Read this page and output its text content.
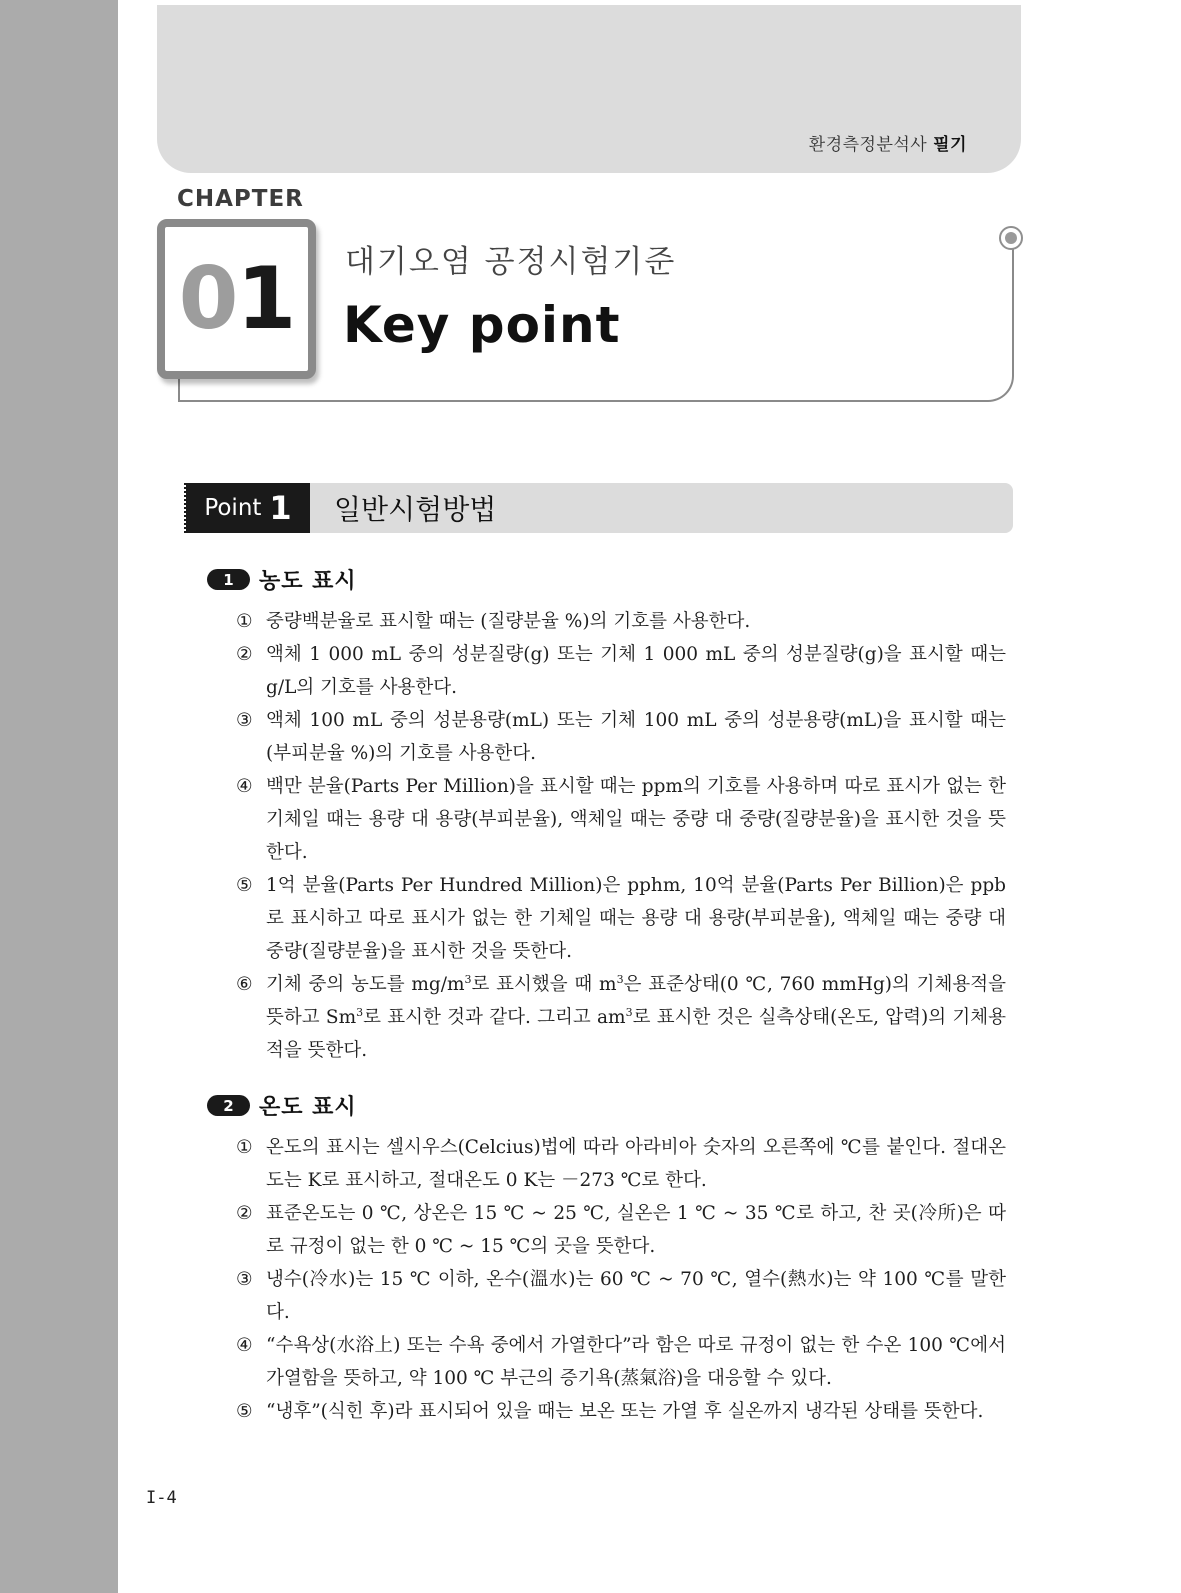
환경측정분석사 필기
CHAPTER
0 1 대기오염 공정시험기준
Key point
Point 1 일반시험방법
1	농도 표시
① 중량백분율로 표시할 때는 (질량분율 %)의 기호를 사용한다.
② 액체 1 000 mL 중의 성분질량(g) 또는 기체 1 000 mL 중의 성분질량(g)을 표시할 때는 g/L의 기호를 사용한다.
③ 액체 100 mL 중의 성분용량(mL) 또는 기체 100 mL 중의 성분용량(mL)을 표시할 때는 (부피분율 %)의 기호를 사용한다.
④ 백만 분율(Parts Per Million)을 표시할 때는 ppm의 기호를 사용하며 따로 표시가 없는 한 기체일 때는 용량 대 용량(부피분율), 액체일 때는 중량 대 중량(질량분율)을 표시한 것을 뜻한다.
⑤ 1억 분율(Parts Per Hundred Million)은 pphm, 10억 분율(Parts Per Billion)은 ppb로 표시하고 따로 표시가 없는 한 기체일 때는 용량 대 용량(부피분율), 액체일 때는 중량 대 중량(질량분율)을 표시한 것을 뜻한다.
⑥ 기체 중의 농도를 $mg/m^3$로 표시했을 때 $m^3$은 표준상태(0 ℃, 760 mmHg)의 기체용적을 뜻하고 Sm$^3$로 표시한 것과 같다. 그리고 $am^3$로 표시한 것은 실측상태(온도, 압력)의 기체용적을 뜻한다.
2	온도 표시
① 온도의 표시는 셀시우스(Celcius)법에 따라 아라비아 숫자의 오른쪽에 ℃를 붙인다. 절대온도는 K로 표시하고, 절대온도 0 K는 －273 ℃로 한다.
② 표준온도는 0 ℃, 상온은 15 ℃ ~ 25 ℃, 실온은 1 ℃ ~ 35 ℃로 하고, 찬 곳(冷所)은 따로 규정이 없는 한 0 ℃ ~ 15 ℃의 곳을 뜻한다.
③ 냉수(冷水)는 15 ℃ 이하, 온수(溫水)는 60 ℃ ~ 70 ℃, 열수(熱水)는 약 100 ℃를 말한다.
④ “수욕상(水浴上) 또는 수욕 중에서 가열한다”라 함은 따로 규정이 없는 한 수온 100 ℃에서 가열함을 뜻하고, 약 100 ℃ 부근의 증기욕(蒸氣浴)을 대응할 수 있다.
⑤ “냉후”(식힌 후)라 표시되어 있을 때는 보온 또는 가열 후 실온까지 냉각된 상태를 뜻한다.
I-4
